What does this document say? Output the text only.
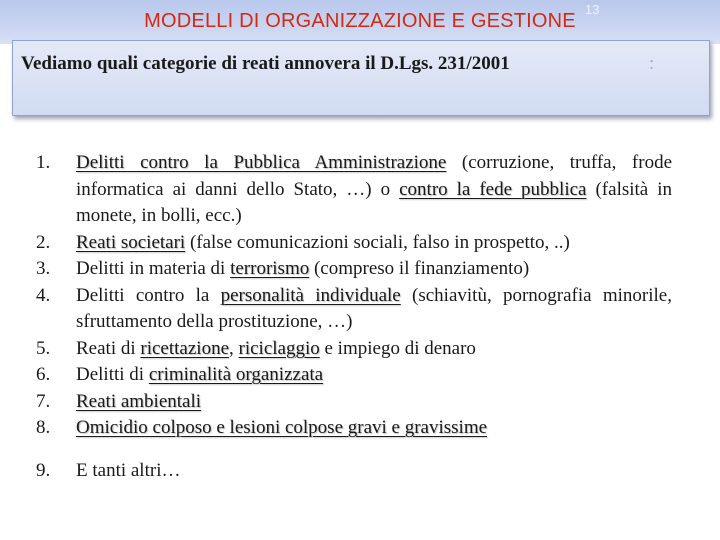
MODELLI DI ORGANIZZAZIONE E GESTIONE
13
Vediamo quali categorie di reati annovera il D.Lgs. 231/2001	:
1. Delitti contro la Pubblica Amministrazione (corruzione, truffa, frode informatica ai danni dello Stato, …) o contro la fede pubblica (falsità in monete, in bolli, ecc.)
2. Reati societari (false comunicazioni sociali, falso in prospetto, ..)
3. Delitti in materia di terrorismo (compreso il finanziamento)
4. Delitti contro la personalità individuale (schiavitù, pornografia minorile, sfruttamento della prostituzione, …)
5. Reati di ricettazione, riciclaggio e impiego di denaro
6. Delitti di criminalità organizzata
7. Reati ambientali
8. Omicidio colposo e lesioni colpose gravi e gravissime
9. E tanti altri…
